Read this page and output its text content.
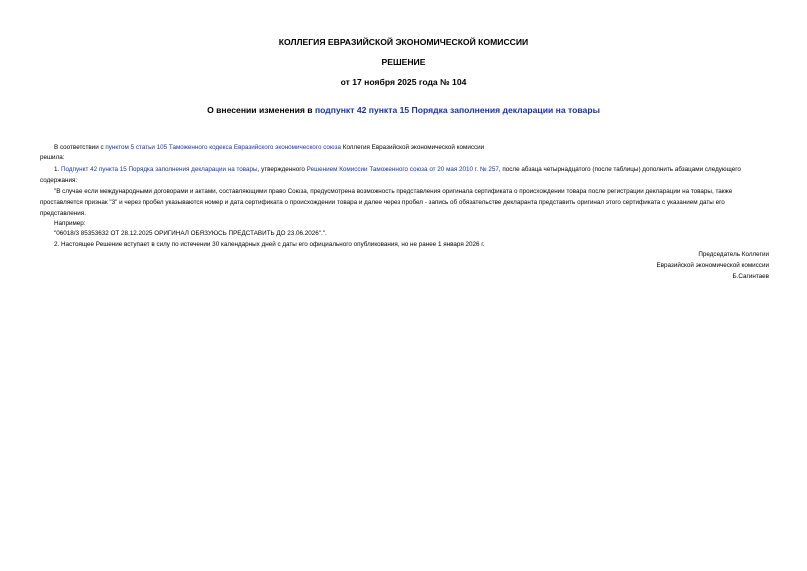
КОЛЛЕГИЯ ЕВРАЗИЙСКОЙ ЭКОНОМИЧЕСКОЙ КОМИССИИ
РЕШЕНИЕ
от 17 ноября 2025 года № 104
О внесении изменения в подпункт 42 пункта 15 Порядка заполнения декларации на товары

В соответствии с пунктом 5 статьи 105 Таможенного кодекса Евразийского экономического союза Коллегия Евразийской экономической комиссии

решила:

1. Подпункт 42 пункта 15 Порядка заполнения декларации на товары, утвержденного Решением Комиссии Таможенного союза от 20 мая 2010 г. № 257, после абзаца четырнадцатого (после таблицы) дополнить абзацами следующего содержания:

"В случае если международными договорами и актами, составляющими право Союза, предусмотрена возможность представления оригинала сертификата о происхождении товара после регистрации декларации на товары, также проставляется признак "3" и через пробел указываются номер и дата сертификата о происхождении товара и далее через пробел - запись об обязательстве декларанта представить оригинал этого сертификата с указанием даты его представления.

Например:

"06018/3 85353632 ОТ 28.12.2025 ОРИГИНАЛ ОБЯЗУЮСЬ ПРЕДСТАВИТЬ ДО 23.06.2026".".

2. Настоящее Решение вступает в силу по истечении 30 календарных дней с даты его официального опубликования, но не ранее 1 января 2026 г.

Председатель Коллегии
Евразийской экономической комиссии
Б.Сагинтаев
